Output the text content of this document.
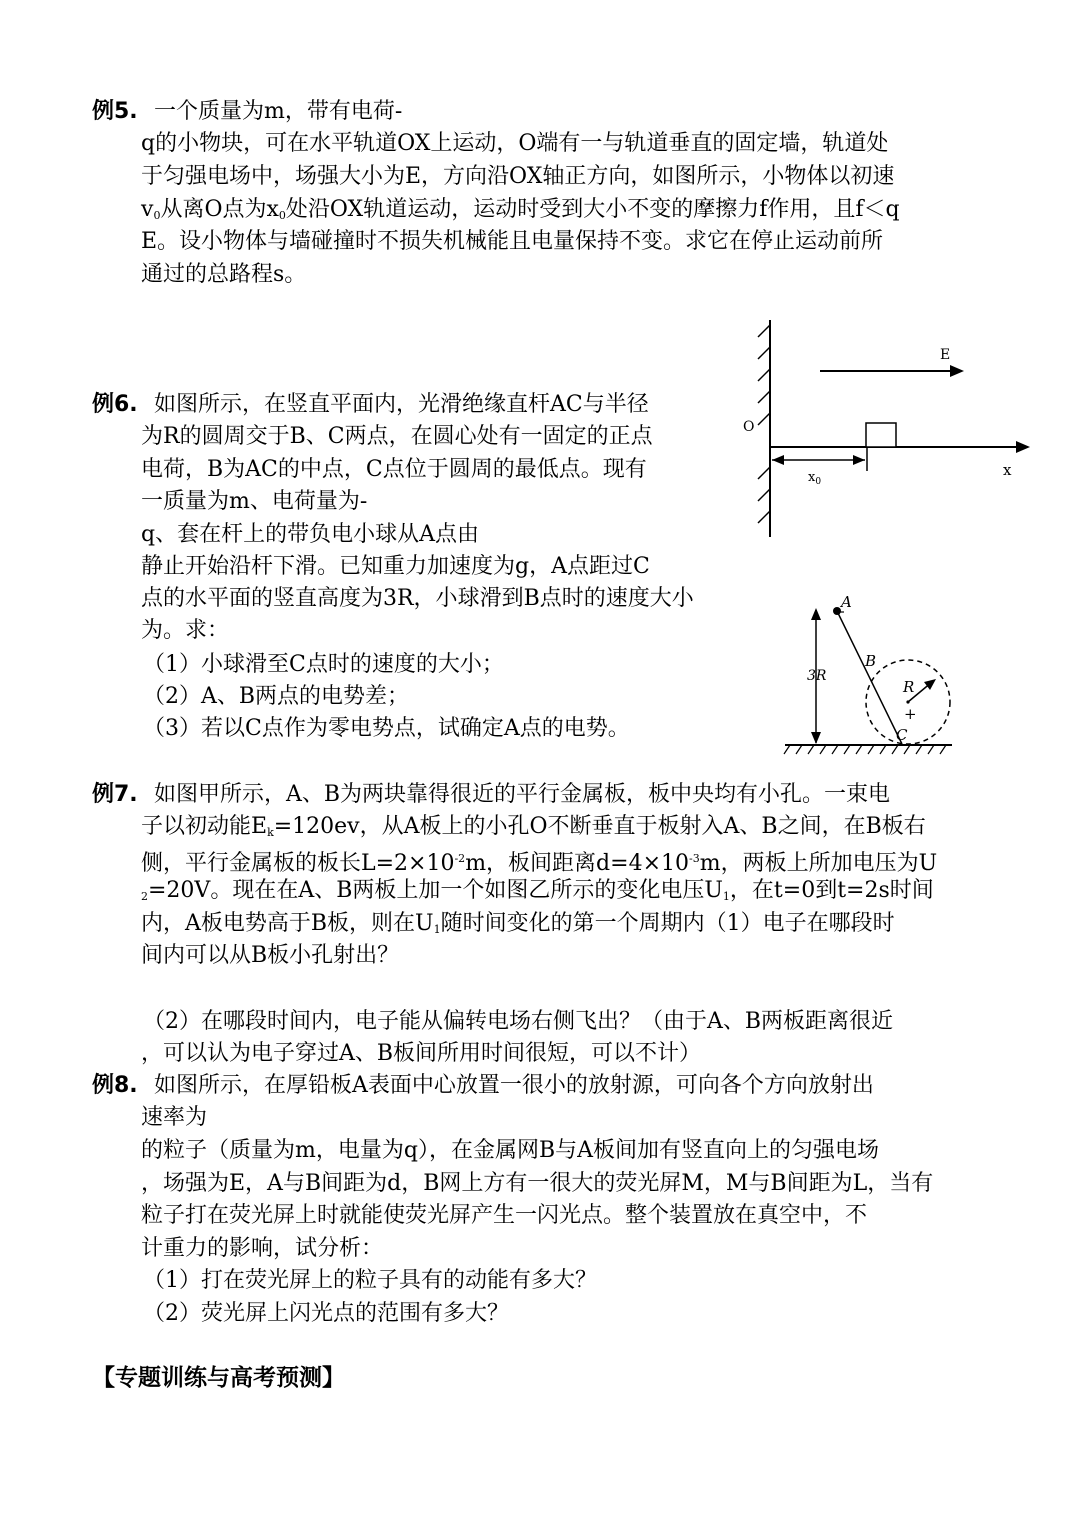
例5. 一个质量为m，带有电荷-
q的小物块，可在水平轨道OX上运动，O端有一与轨道垂直的固定墙，轨道处
于匀强电场中，场强大小为E，方向沿OX轴正方向，如图所示，小物体以初速
$v_0$从离O点为$x_0$处沿OX轨道运动，运动时受到大小不变的摩擦力f作用，且f＜q
E。设小物体与墙碰撞时不损失机械能且电量保持不变。求它在停止运动前所
通过的总路程s。
E
O
x
$x_0$
例6. 如图所示，在竖直平面内，光滑绝缘直杆AC与半径
为R的圆周交于B、C两点，在圆心处有一固定的正点
电荷，B为AC的中点，C点位于圆周的最低点。现有
一质量为m、电荷量为-
q、套在杆上的带负电小球从A点由
静止开始沿杆下滑。已知重力加速度为g，A点距过C
点的水平面的竖直高度为3R，小球滑到B点时的速度大小
为。求：
（1）小球滑至C点时的速度的大小；
（2）A、B两点的电势差；
（3）若以C点作为零电势点，试确定A点的电势。
3R
A
B
R
+
C
例7. 如图甲所示，A、B为两块靠得很近的平行金属板，板中央均有小孔。一束电
子以初动能$E_k=120ev$，从A板上的小孔O不断垂直于板射入A、B之间，在B板右
侧，平行金属板的板长$L=2\times 10^{-2}m$，板间距离$d=4\times 10^{-3}m$，两板上所加电压为U
$_2$=20V。现在在A、B两板上加一个如图乙所示的变化电压$U_1$，在t=0到t=2s时间
内，A板电势高于B板，则在$U_1$随时间变化的第一个周期内（1）电子在哪段时
间内可以从B板小孔射出？
（2）在哪段时间内，电子能从偏转电场右侧飞出？（由于A、B两板距离很近
，可以认为电子穿过A、B板间所用时间很短，可以不计）
例8. 如图所示，在厚铅板A表面中心放置一很小的放射源，可向各个方向放射出
速率为
的粒子（质量为m，电量为q），在金属网B与A板间加有竖直向上的匀强电场
，场强为E，A与B间距为d，B网上方有一很大的荧光屏M，M与B间距为L，当有
粒子打在荧光屏上时就能使荧光屏产生一闪光点。整个装置放在真空中，不
计重力的影响，试分析：
（1）打在荧光屏上的粒子具有的动能有多大？
（2）荧光屏上闪光点的范围有多大？
【专题训练与高考预测】
